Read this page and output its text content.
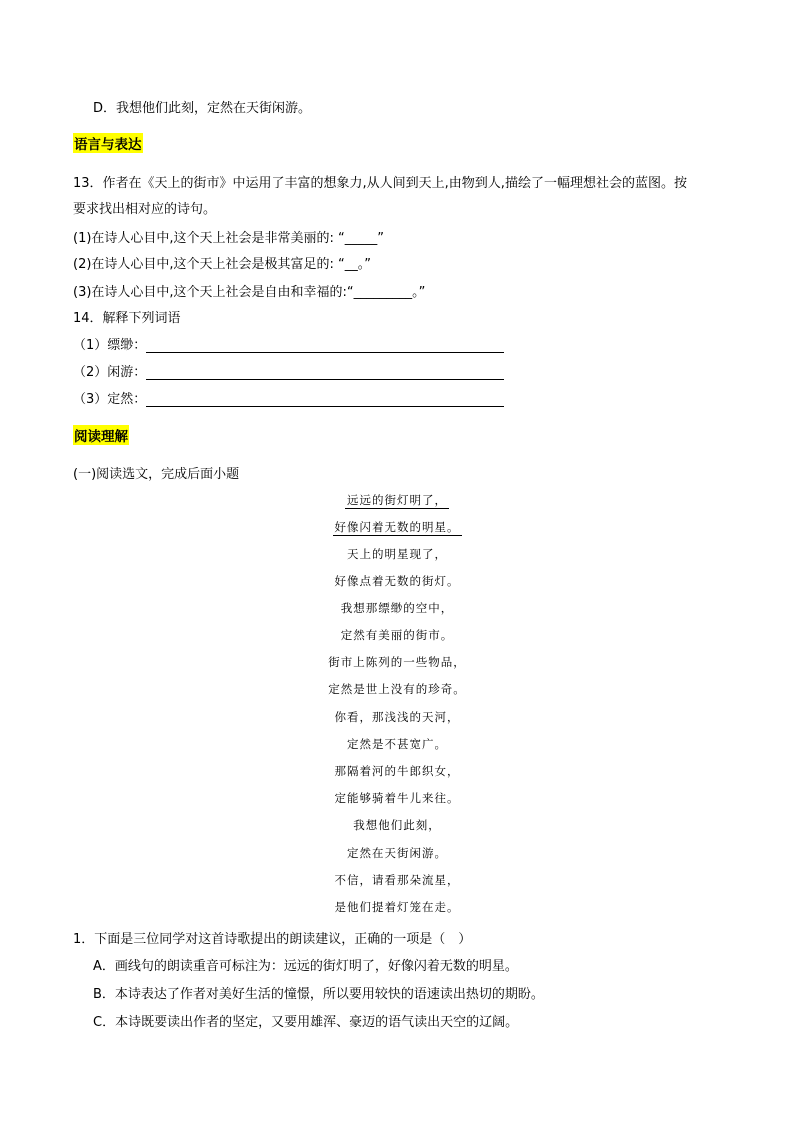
D．我想他们此刻，定然在天街闲游。
语言与表达
13．作者在《天上的街市》中运用了丰富的想象力,从人间到天上,由物到人,描绘了一幅理想社会的蓝图。按
要求找出相对应的诗句。
(1)在诗人心目中,这个天上社会是非常美丽的: “_____”
(2)在诗人心目中,这个天上社会是极其富足的: “__。”
(3)在诗人心目中,这个天上社会是自由和幸福的:“_________。”
14．解释下列词语
（1）缥缈：
（2）闲游：
（3）定然：
阅读理解
(一)阅读选文，完成后面小题
远远的街灯明了，
好像闪着无数的明星。
天上的明星现了，
好像点着无数的街灯。
我想那缥缈的空中，
定然有美丽的街市。
街市上陈列的一些物品，
定然是世上没有的珍奇。
你看，那浅浅的天河，
定然是不甚宽广。
那隔着河的牛郎织女，
定能够骑着牛儿来往。
我想他们此刻，
定然在天街闲游。
不信，请看那朵流星，
是他们提着灯笼在走。
1．下面是三位同学对这首诗歌提出的朗读建议，正确的一项是（　）
A．画线句的朗读重音可标注为：远远的街灯明了，好像闪着无数的明星。
B．本诗表达了作者对美好生活的憧憬，所以要用较快的语速读出热切的期盼。
C．本诗既要读出作者的坚定，又要用雄浑、豪迈的语气读出天空的辽阔。
